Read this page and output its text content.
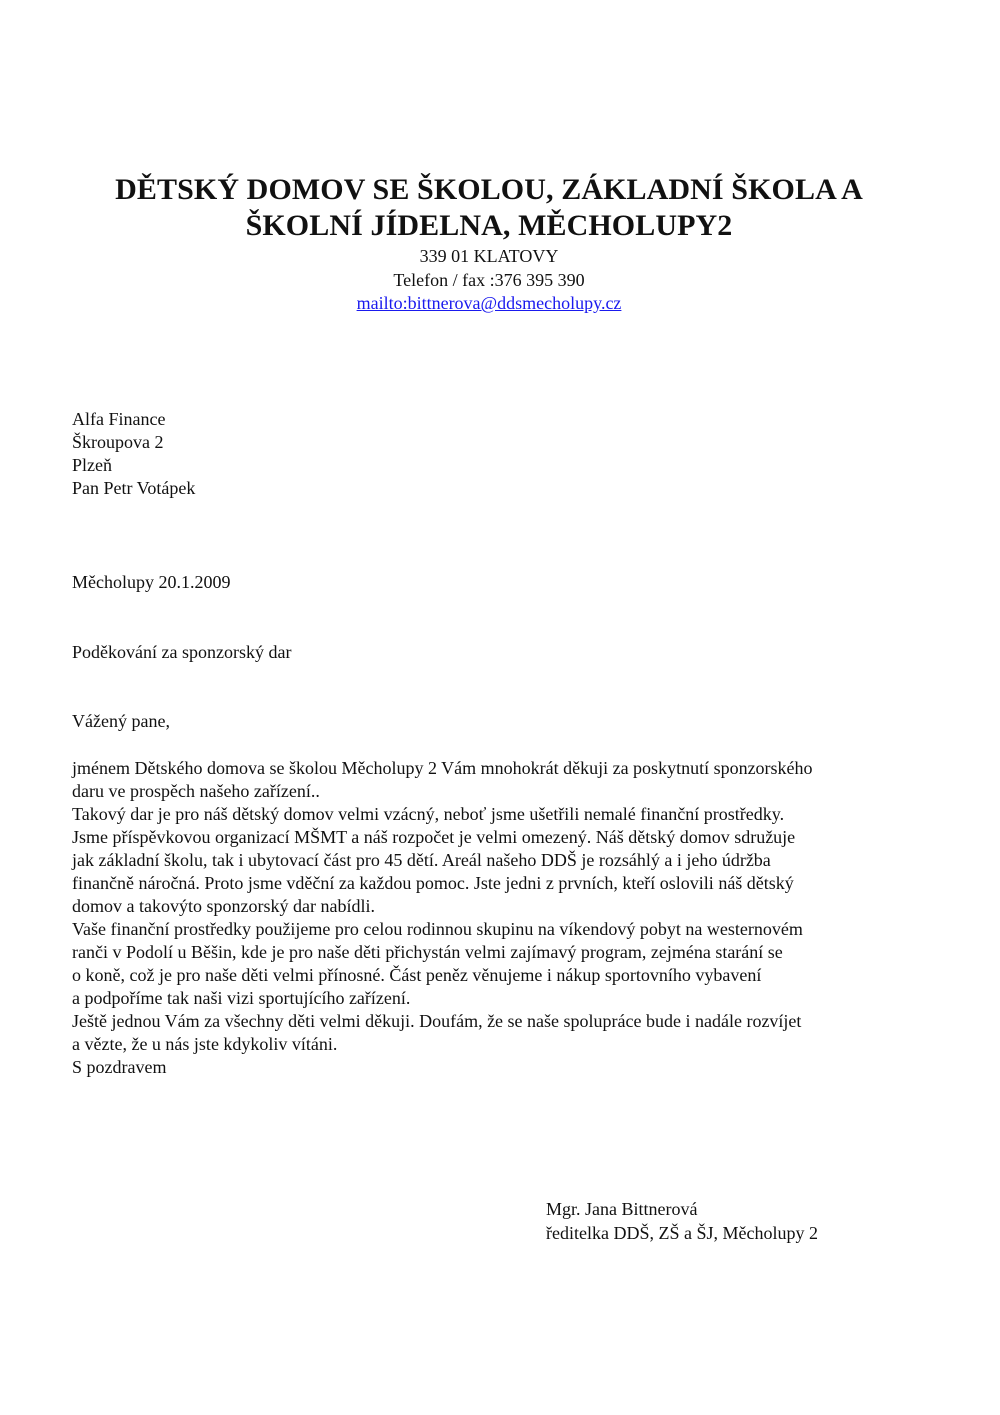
DĚTSKÝ DOMOV SE ŠKOLOU, ZÁKLADNÍ ŠKOLA A
ŠKOLNÍ JÍDELNA, MĚCHOLUPY2
339 01 KLATOVY
Telefon / fax :376 395 390
mailto:bittnerova@ddsmecholupy.cz
Alfa Finance
Škroupova 2
Plzeň
Pan Petr Votápek
Měcholupy 20.1.2009
Poděkování za sponzorský dar
Vážený pane,
jménem Dětského domova se školou Měcholupy 2 Vám mnohokrát děkuji za poskytnutí sponzorského
daru ve prospěch našeho zařízení..
Takový dar je pro náš dětský domov velmi vzácný, neboť jsme ušetřili nemalé finanční prostředky.
Jsme příspěvkovou organizací MŠMT a náš rozpočet je velmi omezený. Náš dětský domov sdružuje
jak základní školu, tak i ubytovací část pro 45 dětí. Areál našeho DDŠ je rozsáhlý a i jeho údržba
finančně náročná. Proto jsme vděční za každou pomoc. Jste jedni z prvních, kteří oslovili náš dětský
domov a takovýto sponzorský dar nabídli.
Vaše finanční prostředky použijeme pro celou rodinnou skupinu na víkendový pobyt na westernovém
ranči v Podolí u Běšin, kde je pro naše děti přichystán velmi zajímavý program, zejména starání se
o koně, což je pro naše děti velmi přínosné. Část peněz věnujeme i nákup sportovního vybavení
a podpoříme tak naši vizi sportujícího zařízení.
Ještě jednou Vám za všechny děti velmi děkuji. Doufám, že se naše spolupráce bude i nadále rozvíjet
a vězte, že u nás jste kdykoliv vítáni.
S pozdravem
Mgr. Jana Bittnerová
ředitelka DDŠ, ZŠ a ŠJ, Měcholupy 2
